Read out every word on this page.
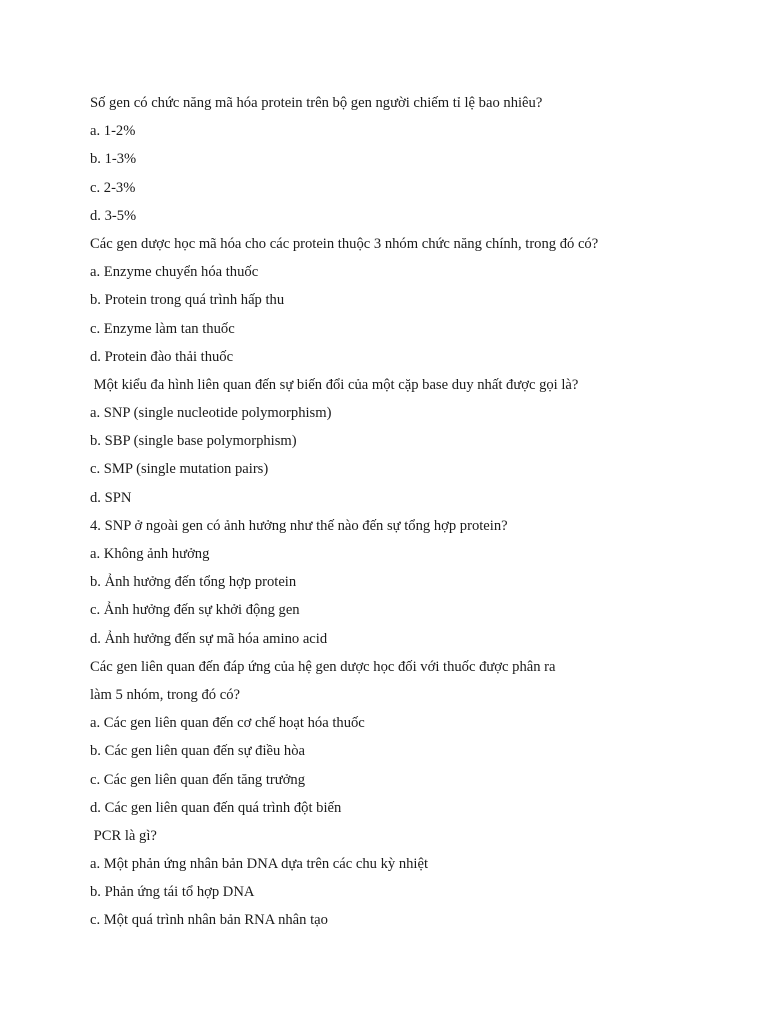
Số gen có chức năng mã hóa protein trên bộ gen người chiếm tỉ lệ bao nhiêu?
a. 1-2%
b. 1-3%
c. 2-3%
d. 3-5%
Các gen dược học mã hóa cho các protein thuộc 3 nhóm chức năng chính, trong đó có?
a. Enzyme chuyển hóa thuốc
b. Protein trong quá trình hấp thu
c. Enzyme làm tan thuốc
d. Protein đào thải thuốc
Một kiểu đa hình liên quan đến sự biến đổi của một cặp base duy nhất được gọi là?
a. SNP (single nucleotide polymorphism)
b. SBP (single base polymorphism)
c. SMP (single mutation pairs)
d. SPN
4. SNP ở ngoài gen có ảnh hưởng như thế nào đến sự tổng hợp protein?
a. Không ảnh hưởng
b. Ảnh hưởng đến tổng hợp protein
c. Ảnh hưởng đến sự khởi động gen
d. Ảnh hưởng đến sự mã hóa amino acid
Các gen liên quan đến đáp ứng của hệ gen dược học đối với thuốc được phân ra
làm 5 nhóm, trong đó có?
a. Các gen liên quan đến cơ chế hoạt hóa thuốc
b. Các gen liên quan đến sự điều hòa
c. Các gen liên quan đến tăng trưởng
d. Các gen liên quan đến quá trình đột biến
PCR là gì?
a. Một phản ứng nhân bản DNA dựa trên các chu kỳ nhiệt
b. Phản ứng tái tổ hợp DNA
c. Một quá trình nhân bản RNA nhân tạo
